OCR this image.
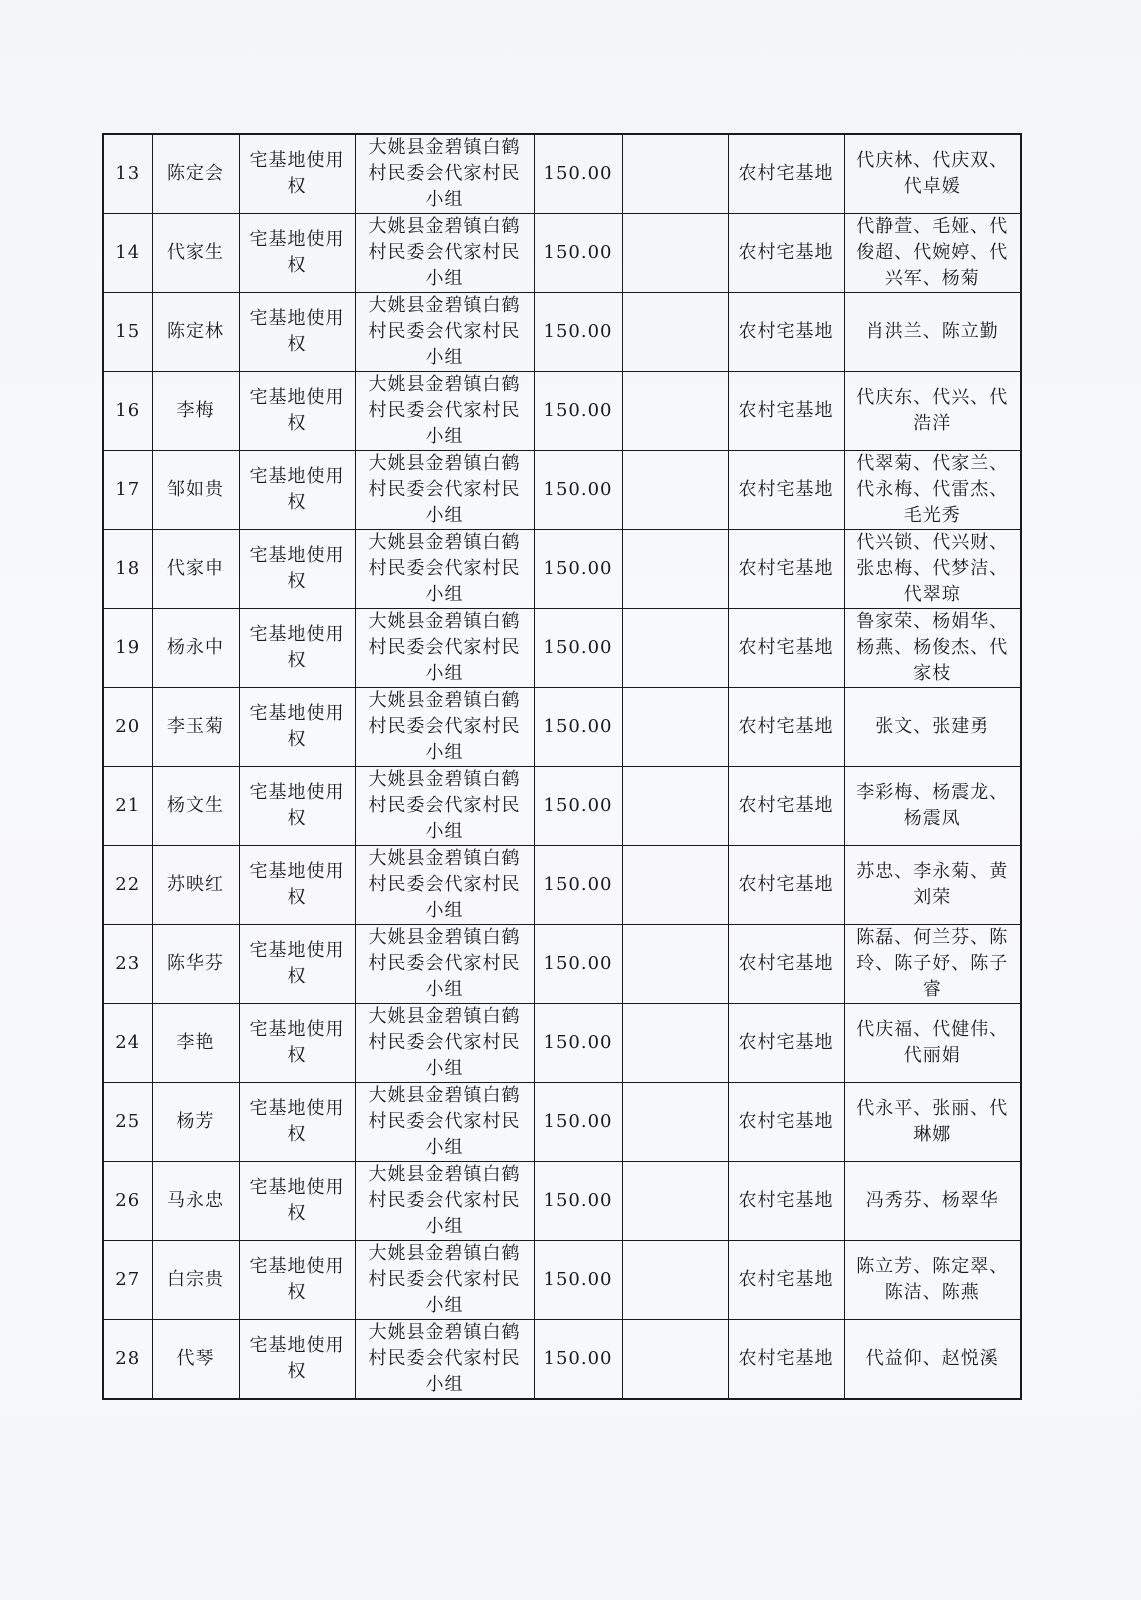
13	陈定会	宅基地使用权	大姚县金碧镇白鹤村民委会代家村民小组	150.00		农村宅基地	代庆林、代庆双、代卓媛
14	代家生	宅基地使用权	大姚县金碧镇白鹤村民委会代家村民小组	150.00		农村宅基地	代静萱、毛娅、代俊超、代婉婷、代兴军、杨菊
15	陈定林	宅基地使用权	大姚县金碧镇白鹤村民委会代家村民小组	150.00		农村宅基地	肖洪兰、陈立勤
16	李梅	宅基地使用权	大姚县金碧镇白鹤村民委会代家村民小组	150.00		农村宅基地	代庆东、代兴、代浩洋
17	邹如贵	宅基地使用权	大姚县金碧镇白鹤村民委会代家村民小组	150.00		农村宅基地	代翠菊、代家兰、代永梅、代雷杰、毛光秀
18	代家申	宅基地使用权	大姚县金碧镇白鹤村民委会代家村民小组	150.00		农村宅基地	代兴锁、代兴财、张忠梅、代梦洁、代翠琼
19	杨永中	宅基地使用权	大姚县金碧镇白鹤村民委会代家村民小组	150.00		农村宅基地	鲁家荣、杨娟华、杨燕、杨俊杰、代家枝
20	李玉菊	宅基地使用权	大姚县金碧镇白鹤村民委会代家村民小组	150.00		农村宅基地	张文、张建勇
21	杨文生	宅基地使用权	大姚县金碧镇白鹤村民委会代家村民小组	150.00		农村宅基地	李彩梅、杨震龙、杨震凤
22	苏映红	宅基地使用权	大姚县金碧镇白鹤村民委会代家村民小组	150.00		农村宅基地	苏忠、李永菊、黄刘荣
23	陈华芬	宅基地使用权	大姚县金碧镇白鹤村民委会代家村民小组	150.00		农村宅基地	陈磊、何兰芬、陈玲、陈子妤、陈子睿
24	李艳	宅基地使用权	大姚县金碧镇白鹤村民委会代家村民小组	150.00		农村宅基地	代庆福、代健伟、代丽娟
25	杨芳	宅基地使用权	大姚县金碧镇白鹤村民委会代家村民小组	150.00		农村宅基地	代永平、张丽、代琳娜
26	马永忠	宅基地使用权	大姚县金碧镇白鹤村民委会代家村民小组	150.00		农村宅基地	冯秀芬、杨翠华
27	白宗贵	宅基地使用权	大姚县金碧镇白鹤村民委会代家村民小组	150.00		农村宅基地	陈立芳、陈定翠、陈洁、陈燕
28	代琴	宅基地使用权	大姚县金碧镇白鹤村民委会代家村民小组	150.00		农村宅基地	代益仰、赵悦溪
